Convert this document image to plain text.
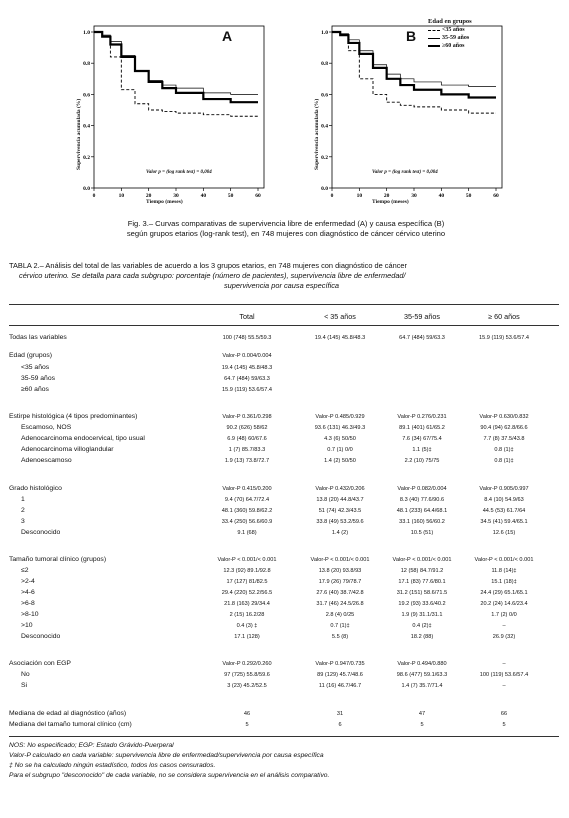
0.0
0.2
0.4
0.6
0.8
1.0
0	10	20	30	40	50	60
A
Supervivencia acumulada (%)
Tiempo (meses)
Valor p = (log rank test) = 0,004
0.0
0.2
0.4
0.6
0.8
1.0
0	10	20	30	40	50	60
B
Supervivencia acumulada (%)
Tiempo (meses)
Valor p = (log rank test) = 0,004
Edad en grupos
<35 años
35-59 años
≥60 años
Fig. 3.– Curvas comparativas de supervivencia libre de enfermedad (A) y causa específica (B)
según grupos etarios (log-rank test), en 748 mujeres con diagnóstico de cáncer cérvico uterino
TABLA 2.– Análisis del total de las variables de acuerdo a los 3 grupos etarios, en 748 mujeres con diagnóstico de cáncer
cérvico uterino. Se detalla para cada subgrupo: porcentaje (número de pacientes), supervivencia libre de enfermedad/
supervivencia por causa específica
Total	< 35 años	35-59 años	≥ 60 años
Todas las variables	100 (748) 55.5/59.3	19.4 (145) 45.8/48.3	64.7 (484) 59/63.3	15.9 (119) 53.6/57.4
Edad (grupos)	Valor-P 0.004/0.004
<35 años	19.4 (145) 45.8/48.3
35-59 años	64.7 (484) 59/63.3
≥60 años	15.9 (119) 53.6/57.4
Estirpe histológica (4 tipos predominantes)	Valor-P 0.361/0.298	Valor-P 0.485/0.929	Valor-P 0.276/0.231	Valor-P 0.630/0.832
Escamoso, NOS	90.2 (626) 58/62	93.6 (131) 46.3/49.3	89.1 (401) 61/65.2	90.4 (94) 62.8/66.6
Adenocarcinoma endocervical, tipo usual	6.9 (48) 60/67.6	4.3 (6) 50/50	7.6 (34) 67/75.4	7.7 (8) 37.5/43.8
Adenocarcinoma villoglandular	1 (7) 85.7/83.3	0.7 (1) 0/0	1.1 (5)‡	0.8 (1)‡
Adenoescamoso	1.9 (13) 73.8/72.7	1.4 (2) 50/50	2.2 (10) 75/75	0.8 (1)‡
Grado histológico	Valor-P 0.415/0.200	Valor-P 0.432/0.206	Valor-P 0.082/0.004	Valor-P 0.905/0.997
1	9.4 (70) 64.7/72.4	13.8 (20) 44.8/43.7	8.3 (40) 77.6/90.6	8.4 (10) 54.9/63
2	48.1 (360) 59.8/62.2	51 (74) 42.3/43.5	48.1 (233) 64.4/68.1	44.5 (53) 61.7/64
3	33.4 (250) 56.6/60.9	33.8 (49) 53.2/59.6	33.1 (160) 56/60.2	34.5 (41) 59.4/65.1
Desconocido	9.1 (68)	1.4 (2)	10.5 (51)	12.6 (15)
Tamaño tumoral clínico (grupos)	Valor-P < 0.001/< 0.001	Valor-P < 0.001/< 0.001	Valor-P < 0.001/< 0.001	Valor-P < 0.001/< 0.001
≤2	12.3 (92) 89.1/92.8	13.8 (20) 93.8/93	12 (58) 84.7/91.2	11.8 (14)‡
>2-4	17 (127) 81/82.5	17.9 (26) 79/78.7	17.1 (83) 77.6/80.1	15.1 (18)‡
>4-6	29.4 (220) 52.2/56.5	27.6 (40) 38.7/42.8	31.2 (151) 58.6/71.5	24.4 (29) 65.1/65.1
>6-8	21.8 (163) 29/34.4	31.7 (46) 24.5/26.8	19.2 (93) 33.6/40.2	20.2 (24) 14.6/23.4
>8-10	2 (15) 16.2/28	2.8 (4) 0/25	1.9 (9) 31.1/31.1	1.7 (2) 0/0
>10	0.4 (3) ‡	0.7 (1)‡	0.4 (2)‡	–
Desconocido	17.1 (128)	5.5 (8)	18.2 (88)	26.9 (32)
Asociación con EGP	Valor-P 0.292/0.260	Valor-P 0.947/0.735	Valor-P 0.494/0.880	–
No	97 (725) 55.8/59.6	89 (129) 45.7/48.6	98.6 (477) 59.1/63.3	100 (119) 53.6/57.4
Si	3 (23) 45.2/52.5	11 (16) 46.7/46.7	1.4 (7) 35.7/71.4	–
Mediana de edad al diagnóstico (años)	46	31	47	66
Mediana del tamaño tumoral clínico (cm)	5	6	5	5
NOS: No especificado; EGP: Estado Grávido-Puerperal
Valor-P calculado en cada variable: supervivencia libre de enfermedad/supervivencia por causa específica
‡ No se ha calculado ningún estadístico, todos los casos censurados.
Para el subgrupo "desconocido" de cada variable, no se considera supervivencia en el análisis comparativo.
